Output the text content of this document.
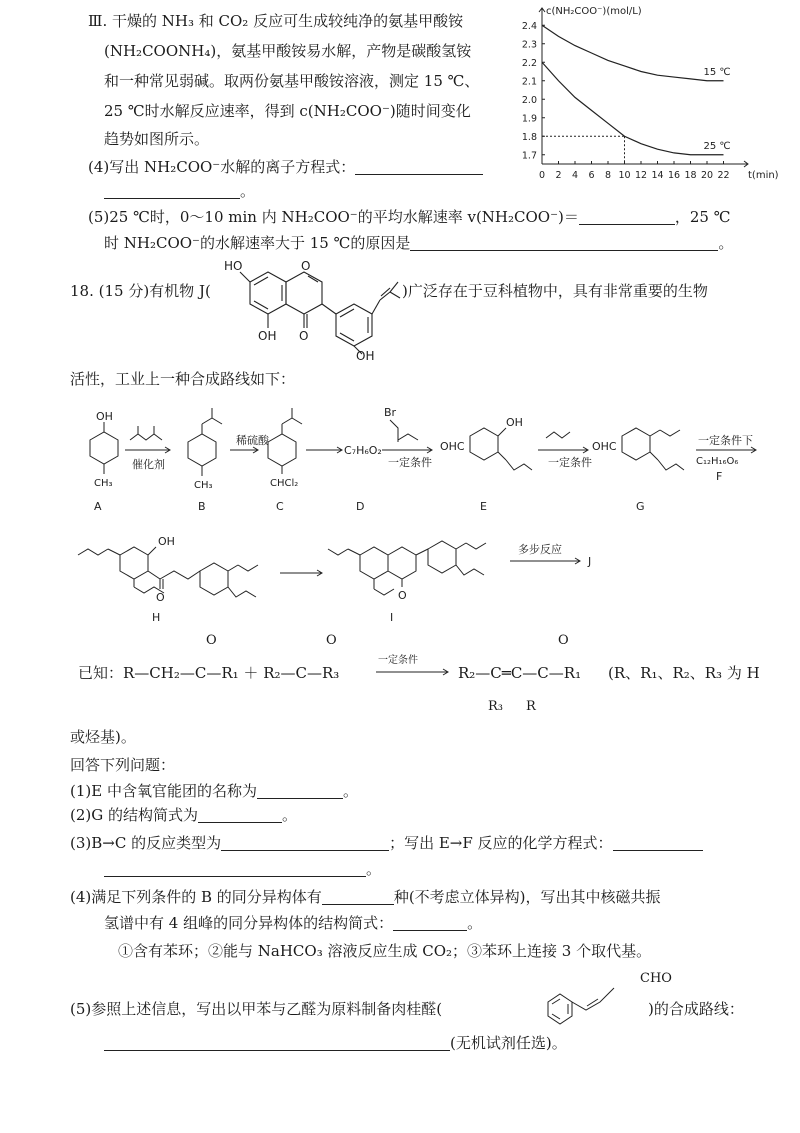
Ⅲ. 干燥的 NH₃ 和 CO₂ 反应可生成较纯净的氨基甲酸铵
(NH₂COONH₄)，氨基甲酸铵易水解，产物是碳酸氢铵
和一种常见弱碱。取两份氨基甲酸铵溶液，测定 15 ℃、
25 ℃时水解反应速率，得到 c(NH₂COO⁻)随时间变化
趋势如图所示。
(4)写出 NH₂COO⁻水解的离子方程式：
。
(5)25 ℃时，0～10 min 内 NH₂COO⁻的平均水解速率 v(NH₂COO⁻)＝	，25 ℃
时 NH₂COO⁻的水解速率大于 15 ℃的原因是	。
0 2 4 6 8 10 12 14 16 18 20 22
1.7
1.8
1.9
2.0
2.1
2.2
2.3
2.4
c(NH₂COO⁻)(mol/L)
t(min)
15 ℃
25 ℃
18. (15 分)有机物 J(
HO	O
OH O
OH
)广泛存在于豆科植物中，具有非常重要的生物
活性，工业上一种合成路线如下：
OH
CH₃
催化剂
CH₃
稀硫酸
CHCl₂
C₇H₆O₂
一定条件
Br
OHC
OH
一定条件
OHC	一定条件下
C₁₂H₁₆O₆
F
A	B	C	D	E	G
OH
O	O
多步反应
J
H	I
O	O	O
已知：R—CH₂—C—R₁ ＋ R₂—C—R₃
一定条件
R₂—C═C—C—R₁
R₃ R
(R、R₁、R₂、R₃ 为 H
或烃基)。
回答下列问题：
(1)E 中含氧官能团的名称为	。
(2)G 的结构简式为	。
(3)B→C 的反应类型为	；写出 E→F 反应的化学方程式：
。
(4)满足下列条件的 B 的同分异构体有	种(不考虑立体异构)，写出其中核磁共振
氢谱中有 4 组峰的同分异构体的结构简式：	。
①含有苯环；②能与 NaHCO₃ 溶液反应生成 CO₂；③苯环上连接 3 个取代基。
CHO
(5)参照上述信息，写出以甲苯与乙醛为原料制备肉桂醛(	)的合成路线：
(无机试剂任选)。
